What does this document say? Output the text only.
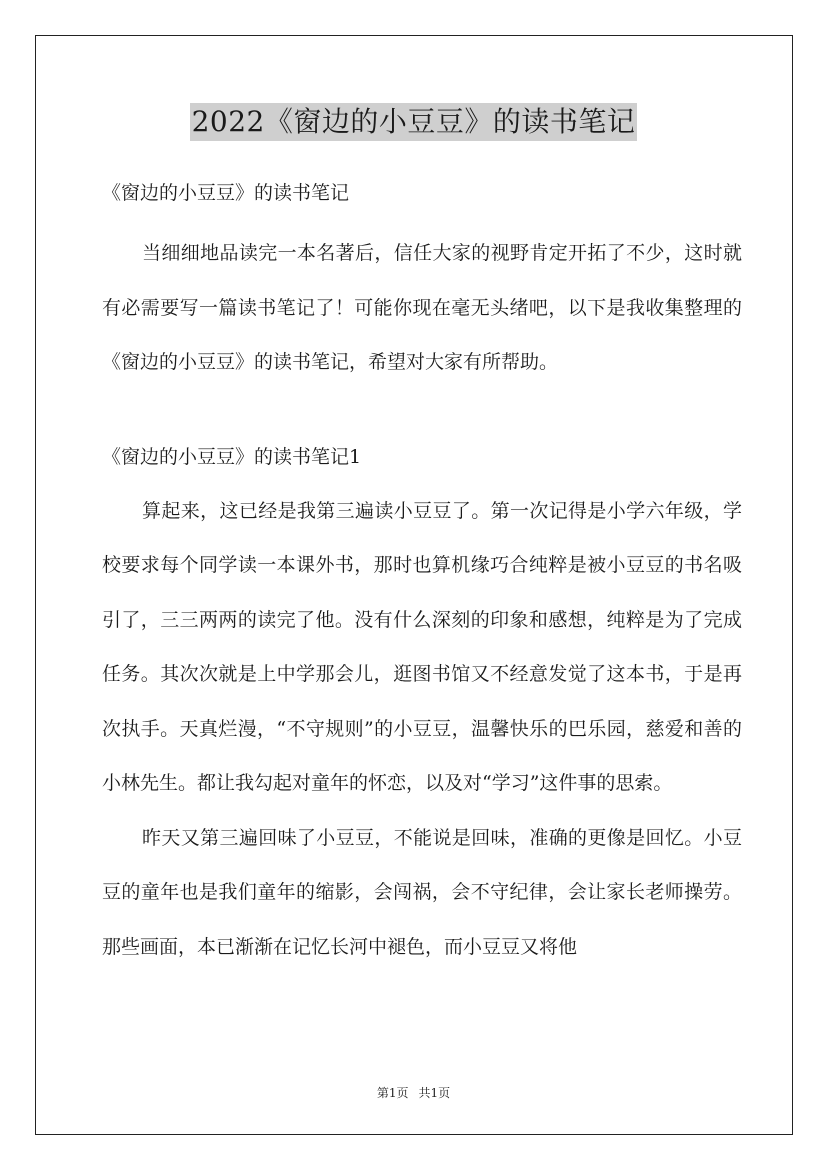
2022《窗边的小豆豆》的读书笔记

《窗边的小豆豆》的读书笔记

当细细地品读完一本名著后，信任大家的视野肯定开拓了不少，这时就有必需要写一篇读书笔记了！可能你现在毫无头绪吧，以下是我收集整理的《窗边的小豆豆》的读书笔记，希望对大家有所帮助。

《窗边的小豆豆》的读书笔记1

算起来，这已经是我第三遍读小豆豆了。第一次记得是小学六年级，学校要求每个同学读一本课外书，那时也算机缘巧合纯粹是被小豆豆的书名吸引了，三三两两的读完了他。没有什么深刻的印象和感想，纯粹是为了完成任务。其次次就是上中学那会儿，逛图书馆又不经意发觉了这本书，于是再次执手。天真烂漫，“不守规则”的小豆豆，温馨快乐的巴乐园，慈爱和善的小林先生。都让我勾起对童年的怀恋，以及对“学习”这件事的思索。

昨天又第三遍回味了小豆豆，不能说是回味，准确的更像是回忆。小豆豆的童年也是我们童年的缩影，会闯祸，会不守纪律，会让家长老师操劳。那些画面，本已渐渐在记忆长河中褪色，而小豆豆又将他

第1页 共1页
